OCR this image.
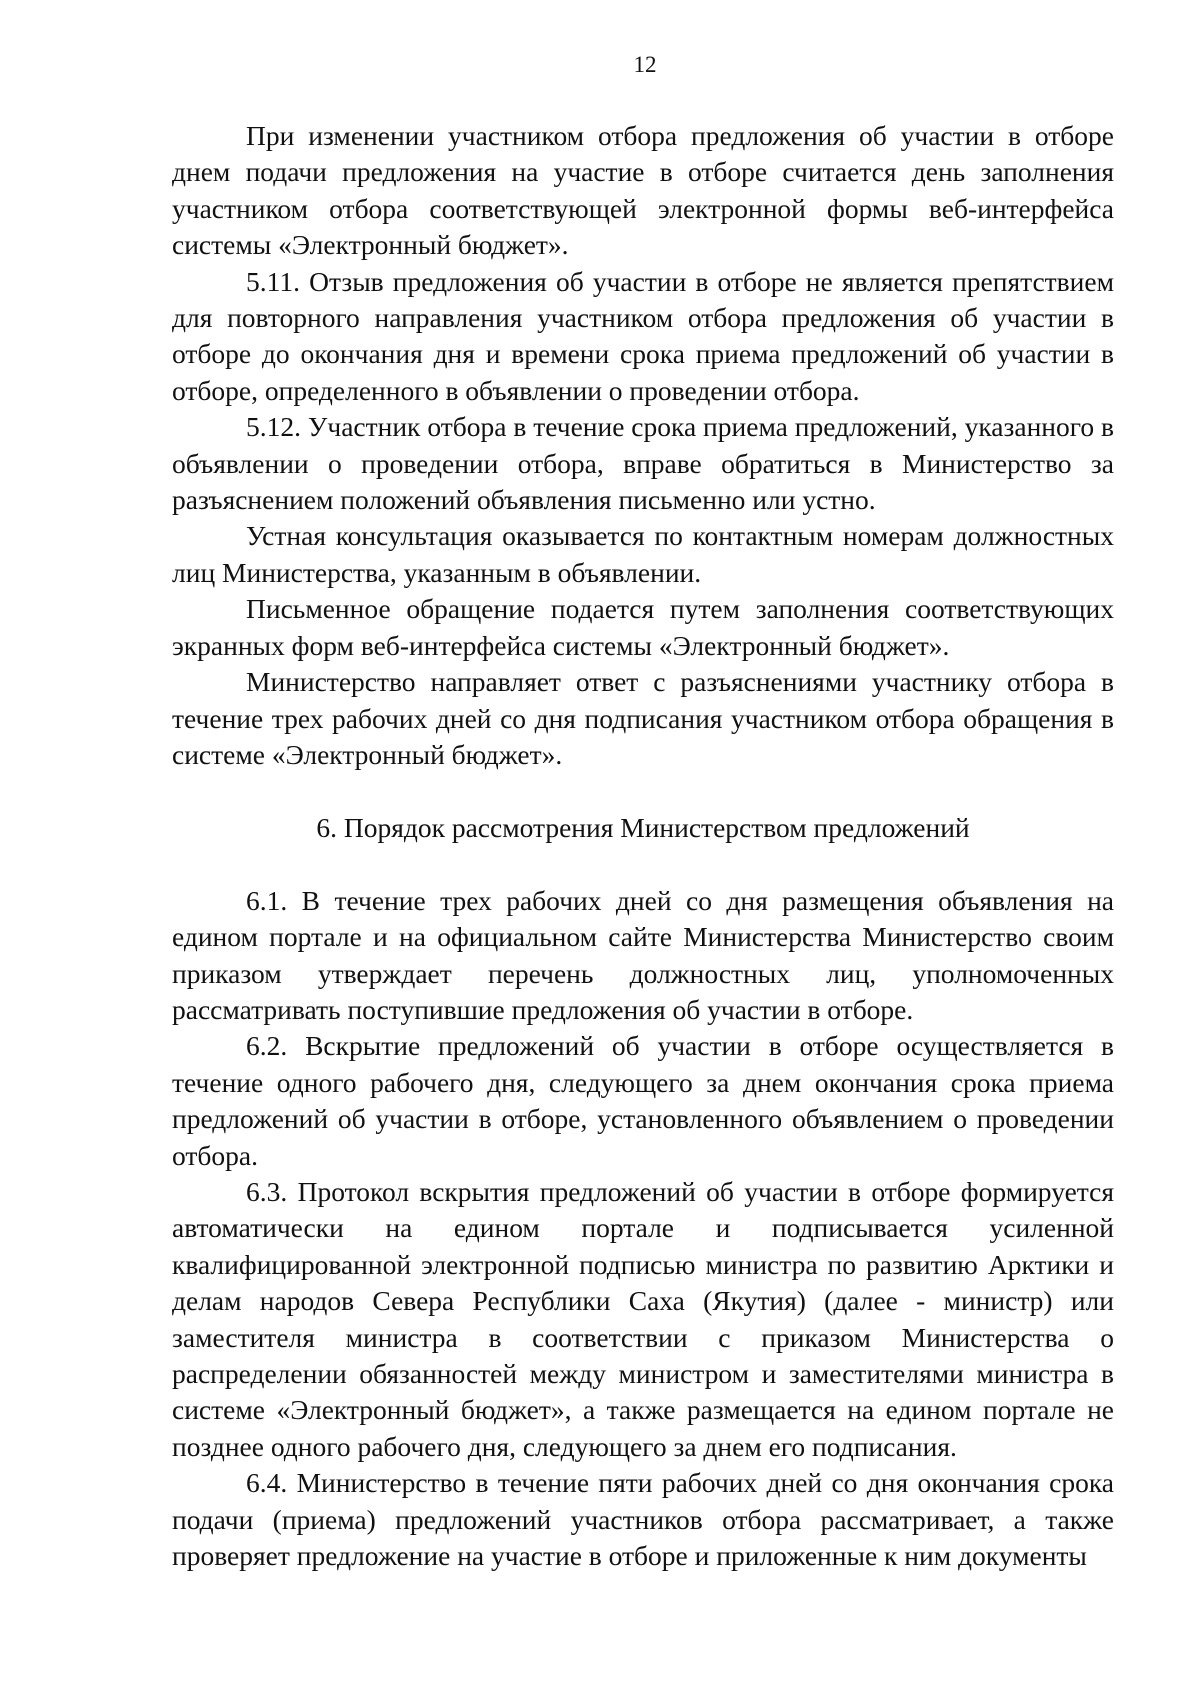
12

При изменении участником отбора предложения об участии в отборе днем подачи предложения на участие в отборе считается день заполнения участником отбора соответствующей электронной формы веб-интерфейса системы «Электронный бюджет».

5.11. Отзыв предложения об участии в отборе не является препятствием для повторного направления участником отбора предложения об участии в отборе до окончания дня и времени срока приема предложений об участии в отборе, определенного в объявлении о проведении отбора.

5.12. Участник отбора в течение срока приема предложений, указанного в объявлении о проведении отбора, вправе обратиться в Министерство за разъяснением положений объявления письменно или устно.

Устная консультация оказывается по контактным номерам должностных лиц Министерства, указанным в объявлении.

Письменное обращение подается путем заполнения соответствующих экранных форм веб-интерфейса системы «Электронный бюджет».

Министерство направляет ответ с разъяснениями участнику отбора в течение трех рабочих дней со дня подписания участником отбора обращения в системе «Электронный бюджет».

6. Порядок рассмотрения Министерством предложений

6.1. В течение трех рабочих дней со дня размещения объявления на едином портале и на официальном сайте Министерства Министерство своим приказом утверждает перечень должностных лиц, уполномоченных рассматривать поступившие предложения об участии в отборе.

6.2. Вскрытие предложений об участии в отборе осуществляется в течение одного рабочего дня, следующего за днем окончания срока приема предложений об участии в отборе, установленного объявлением о проведении отбора.

6.3. Протокол вскрытия предложений об участии в отборе формируется автоматически на едином портале и подписывается усиленной квалифицированной электронной подписью министра по развитию Арктики и делам народов Севера Республики Саха (Якутия) (далее - министр) или заместителя министра в соответствии с приказом Министерства о распределении обязанностей между министром и заместителями министра в системе «Электронный бюджет», а также размещается на едином портале не позднее одного рабочего дня, следующего за днем его подписания.

6.4. Министерство в течение пяти рабочих дней со дня окончания срока подачи (приема) предложений участников отбора рассматривает, а также проверяет предложение на участие в отборе и приложенные к ним документы
